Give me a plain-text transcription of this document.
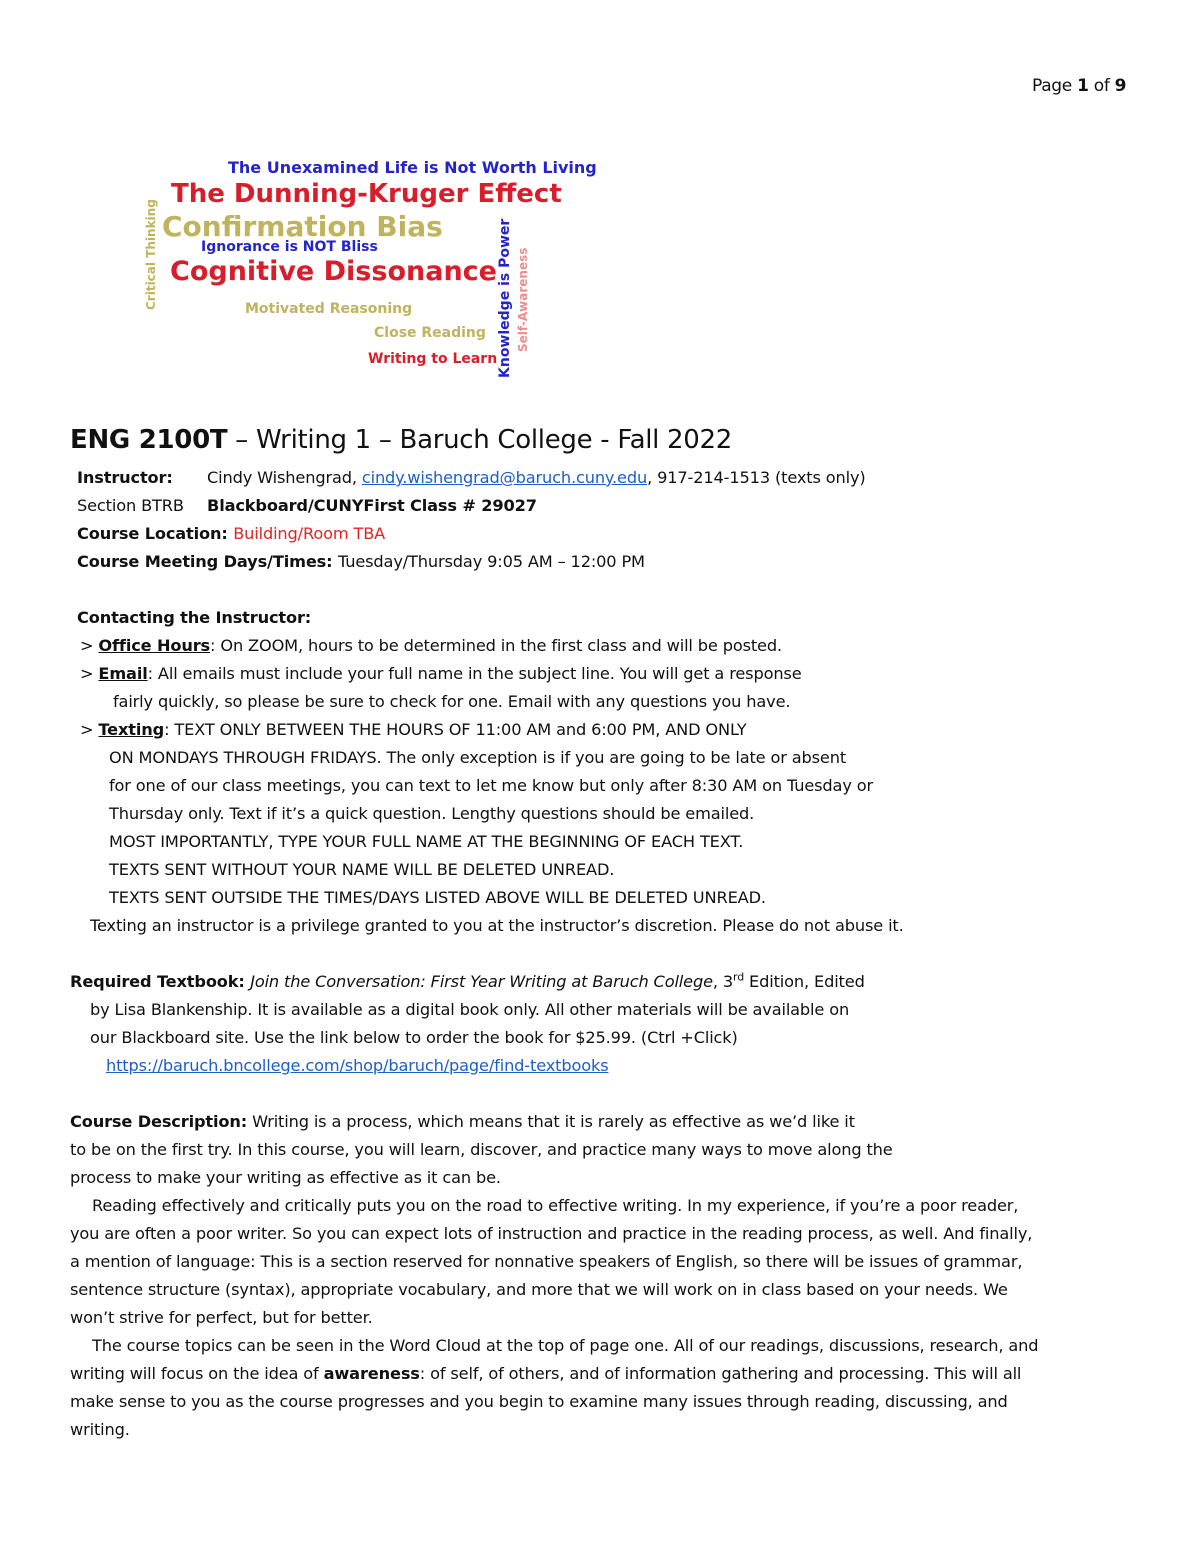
Page 1 of 9
The Unexamined Life is Not Worth Living
The Dunning-Kruger Effect
Confirmation Bias
Ignorance is NOT Bliss
Cognitive Dissonance
Motivated Reasoning
Close Reading
Writing to Learn
Critical Thinking	Knowledge is Power Self-Awareness
ENG 2100T – Writing 1 – Baruch College - Fall 2022
Instructor: Cindy Wishengrad, cindy.wishengrad@baruch.cuny.edu, 917-214-1513 (texts only)
Section BTRB Blackboard/CUNYFirst Class # 29027
Course Location: Building/Room TBA
Course Meeting Days/Times: Tuesday/Thursday 9:05 AM – 12:00 PM
Contacting the Instructor:
> Office Hours: On ZOOM, hours to be determined in the first class and will be posted.
> Email: All emails must include your full name in the subject line. You will get a response
fairly quickly, so please be sure to check for one. Email with any questions you have.
> Texting: TEXT ONLY BETWEEN THE HOURS OF 11:00 AM and 6:00 PM, AND ONLY
ON MONDAYS THROUGH FRIDAYS. The only exception is if you are going to be late or absent
for one of our class meetings, you can text to let me know but only after 8:30 AM on Tuesday or
Thursday only. Text if it’s a quick question. Lengthy questions should be emailed.
MOST IMPORTANTLY, TYPE YOUR FULL NAME AT THE BEGINNING OF EACH TEXT.
TEXTS SENT WITHOUT YOUR NAME WILL BE DELETED UNREAD.
TEXTS SENT OUTSIDE THE TIMES/DAYS LISTED ABOVE WILL BE DELETED UNREAD.
Texting an instructor is a privilege granted to you at the instructor’s discretion. Please do not abuse it.
Required Textbook: Join the Conversation: First Year Writing at Baruch College, 3rd Edition, Edited
by Lisa Blankenship. It is available as a digital book only. All other materials will be available on
our Blackboard site. Use the link below to order the book for $25.99. (Ctrl +Click)
https://baruch.bncollege.com/shop/baruch/page/find-textbooks
Course Description: Writing is a process, which means that it is rarely as effective as we’d like it
to be on the first try. In this course, you will learn, discover, and practice many ways to move along the
process to make your writing as effective as it can be.
Reading effectively and critically puts you on the road to effective writing. In my experience, if you’re a poor reader,
you are often a poor writer. So you can expect lots of instruction and practice in the reading process, as well. And finally,
a mention of language: This is a section reserved for nonnative speakers of English, so there will be issues of grammar,
sentence structure (syntax), appropriate vocabulary, and more that we will work on in class based on your needs. We
won’t strive for perfect, but for better.
The course topics can be seen in the Word Cloud at the top of page one. All of our readings, discussions, research, and
writing will focus on the idea of awareness: of self, of others, and of information gathering and processing. This will all
make sense to you as the course progresses and you begin to examine many issues through reading, discussing, and
writing.
